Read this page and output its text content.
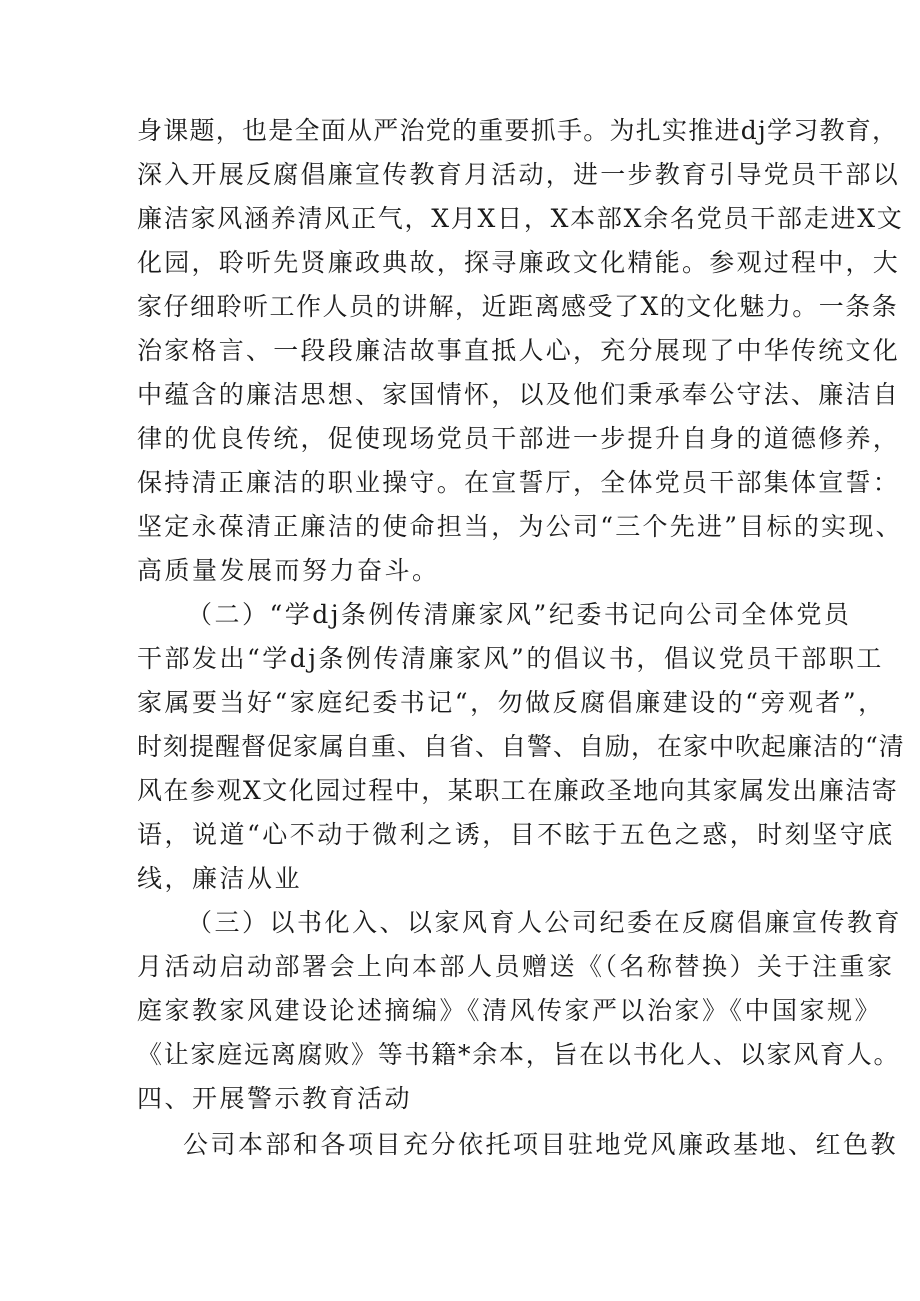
身课题，也是全面从严治党的重要抓手。为扎实推进dj学习教育，

深入开展反腐倡廉宣传教育月活动，进一步教育引导党员干部以

廉洁家风涵养清风正气，X月X日，X本部X余名党员干部走进X文

化园，聆听先贤廉政典故，探寻廉政文化精能。参观过程中，大

家仔细聆听工作人员的讲解，近距离感受了X的文化魅力。一条条

治家格言、一段段廉洁故事直抵人心，充分展现了中华传统文化

中蕴含的廉洁思想、家国情怀，以及他们秉承奉公守法、廉洁自

律的优良传统，促使现场党员干部进一步提升自身的道德修养，

保持清正廉洁的职业操守。在宣誓厅，全体党员干部集体宣誓：

坚定永葆清正廉洁的使命担当，为公司“三个先进”目标的实现、

高质量发展而努力奋斗。

（二）“学dj条例传清廉家风”纪委书记向公司全体党员

干部发出“学dj条例传清廉家风”的倡议书，倡议党员干部职工

家属要当好“家庭纪委书记“，勿做反腐倡廉建设的“旁观者”，

时刻提醒督促家属自重、自省、自警、自励，在家中吹起廉洁的“清

风在参观X文化园过程中，某职工在廉政圣地向其家属发出廉洁寄

语，说道“心不动于微利之诱，目不眩于五色之惑，时刻坚守底

线，廉洁从业

（三）以书化入、以家风育人公司纪委在反腐倡廉宣传教育

月活动启动部署会上向本部人员赠送《（名称替换）关于注重家

庭家教家风建设论述摘编》《清风传家严以治家》《中国家规》

《让家庭远离腐败》等书籍*余本，旨在以书化人、以家风育人。

四、开展警示教育活动

公司本部和各项目充分依托项目驻地党风廉政基地、红色教
